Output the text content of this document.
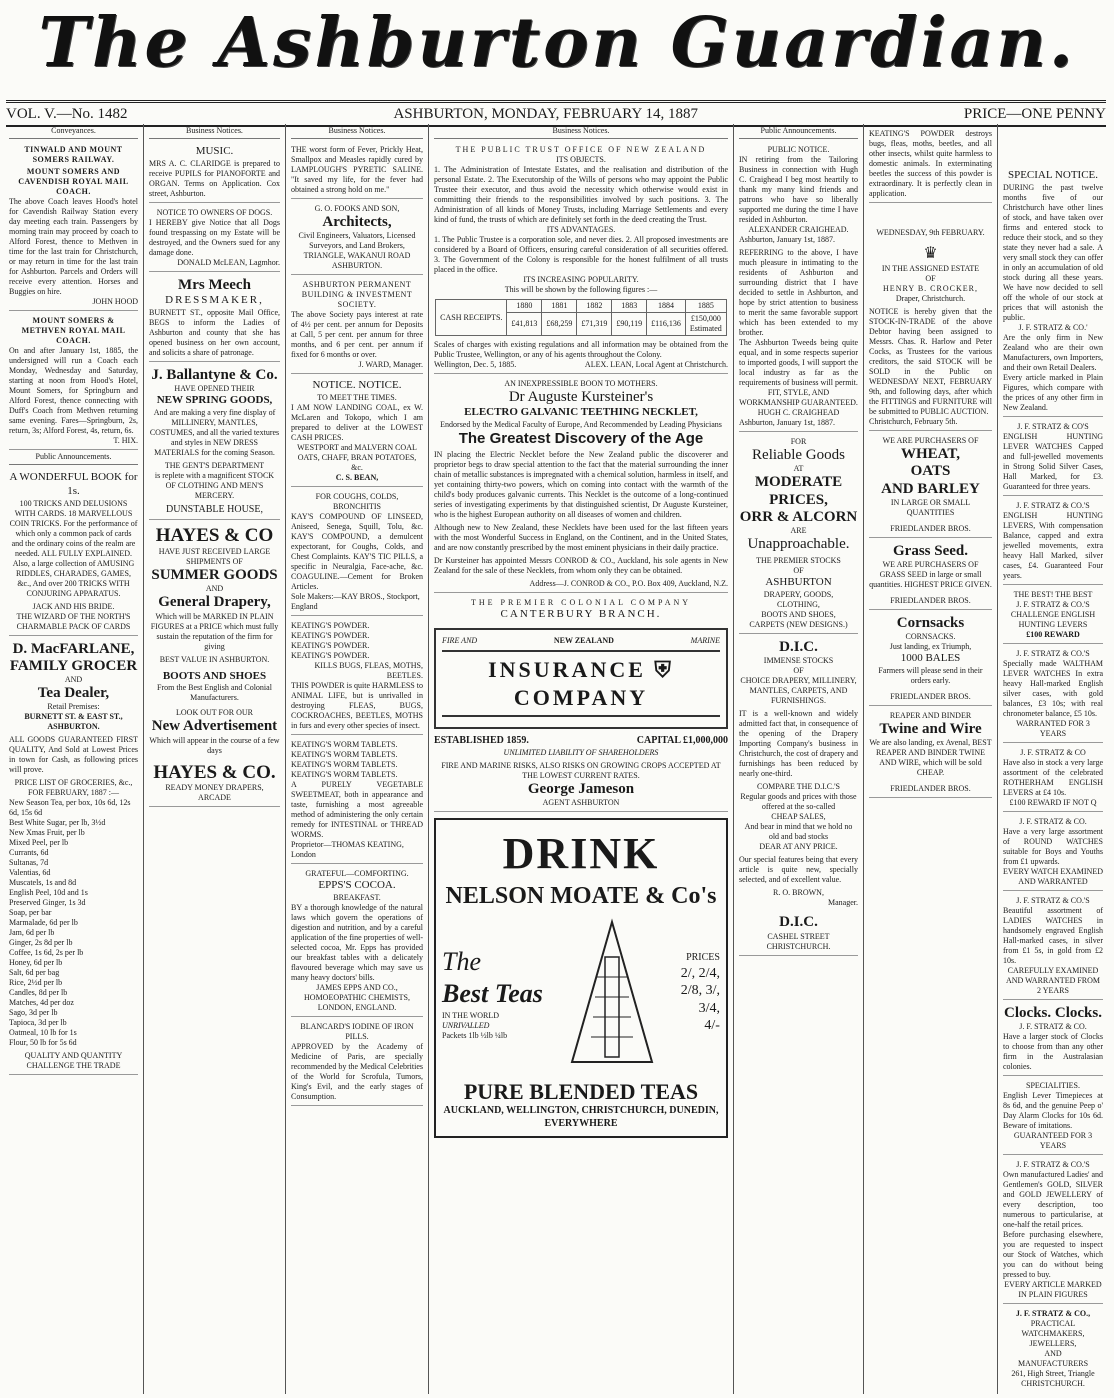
The Ashburton Guardian.
VOL. V.—No. 1482	ASHBURTON, MONDAY, FEBRUARY 14, 1887	PRICE—ONE PENNY
Conveyances.
TINWALD AND MOUNT SOMERS RAILWAY.
MOUNT SOMERS AND CAVENDISH ROYAL MAIL COACH.
The above Coach leaves Hood's hotel for Cavendish Railway Station every day meeting each train. Passengers by morning train may proceed by coach to Alford Forest, thence to Methven in time for the last train for Christchurch, or may return in time for the last train for Ashburton. Parcels and Orders will receive every attention. Horses and Buggies on hire.
JOHN HOOD
MOUNT SOMERS & METHVEN ROYAL MAIL COACH.
On and after January 1st, 1885, the undersigned will run a Coach each Monday, Wednesday and Saturday, starting at noon from Hood's Hotel, Mount Somers, for Springburn and Alford Forest, thence connecting with Duff's Coach from Methven returning same evening. Fares—Springburn, 2s, return, 3s; Alford Forest, 4s, return, 6s.
T. HIX.
Public Announcements.
A WONDERFUL BOOK for 1s.
100 TRICKS AND DELUSIONS WITH CARDS. 18 MARVELLOUS COIN TRICKS. For the performance of which only a common pack of cards and the ordinary coins of the realm are needed. ALL FULLY EXPLAINED. Also, a large collection of AMUSING RIDDLES, CHARADES, GAMES, &c., And over 200 TRICKS WITH CONJURING APPARATUS.
JACK AND HIS BRIDE.
THE WIZARD OF THE NORTH'S CHARMABLE PACK OF CARDS
D. MacFARLANE,
FAMILY GROCER
AND
Tea Dealer,
Retail Premises:
BURNETT ST. & EAST ST., ASHBURTON.
ALL GOODS GUARANTEED FIRST QUALITY, And Sold at Lowest Prices in town for Cash, as following prices will prove.
PRICE LIST OF GROCERIES, &c.,
FOR FEBRUARY, 1887 :—
New Season Tea, per box, 10s 6d, 12s 6d, 15s 6d
Best White Sugar, per lb, 3½d
New Xmas Fruit, per lb
Mixed Peel, per lb
Currants, 6d
Sultanas, 7d
Valentias, 6d
Muscatels, 1s and 8d
English Peel, 10d and 1s
Preserved Ginger, 1s 3d
Soap, per bar
Marmalade, 6d per lb
Jam, 6d per lb
Ginger, 2s 8d per lb
Coffee, 1s 6d, 2s per lb
Honey, 6d per lb
Salt, 6d per bag
Rice, 2½d per lb
Candles, 8d per lb
Matches, 4d per doz
Sago, 3d per lb
Tapioca, 3d per lb
Oatmeal, 10 lb for 1s
Flour, 50 lb for 5s 6d
QUALITY AND QUANTITY CHALLENGE THE TRADE
Business Notices.
MUSIC.
MRS A. C. CLARIDGE is prepared to receive PUPILS for PIANOFORTE and ORGAN. Terms on Application. Cox street, Ashburton.
NOTICE TO OWNERS OF DOGS.
I HEREBY give Notice that all Dogs found trespassing on my Estate will be destroyed, and the Owners sued for any damage done.
DONALD McLEAN, Lagmhor.
Mrs Meech
DRESSMAKER,
BURNETT ST., opposite Mail Office, BEGS to inform the Ladies of Ashburton and county that she has opened business on her own account, and solicits a share of patronage.
J. Ballantyne & Co.
HAVE OPENED THEIR
NEW SPRING GOODS,
And are making a very fine display of MILLINERY, MANTLES, COSTUMES, and all the varied textures and styles in NEW DRESS MATERIALS for the coming Season.
THE GENT'S DEPARTMENT
is replete with a magnificent STOCK OF CLOTHING AND MEN'S MERCERY.
DUNSTABLE HOUSE,
HAYES & CO
HAVE JUST RECEIVED LARGE SHIPMENTS OF
SUMMER GOODS
AND
General Drapery,
Which will be MARKED IN PLAIN FIGURES at a PRICE which must fully sustain the reputation of the firm for giving
BEST VALUE IN ASHBURTON.
BOOTS AND SHOES
From the Best English and Colonial Manufacturers.
LOOK OUT FOR OUR
New Advertisement
Which will appear in the course of a few days
HAYES & CO.
READY MONEY DRAPERS,
ARCADE
Business Notices.
THE worst form of Fever, Prickly Heat, Smallpox and Measles rapidly cured by LAMPLOUGH'S PYRETIC SALINE. "It saved my life, for the fever had obtained a strong hold on me."
G. O. FOOKS AND SON,
Architects,
Civil Engineers, Valuators, Licensed Surveyors, and Land Brokers, TRIANGLE, WAKANUI ROAD ASHBURTON.
ASHBURTON PERMANENT BUILDING & INVESTMENT SOCIETY.
The above Society pays interest at rate of 4½ per cent. per annum for Deposits at Call, 5 per cent. per annum for three months, and 6 per cent. per annum if fixed for 6 months or over.
J. WARD, Manager.
NOTICE. NOTICE.
TO MEET THE TIMES.
I AM NOW LANDING COAL, ex W. McLaren and Tokopo, which I am prepared to deliver at the LOWEST CASH PRICES.
WESTPORT and MALVERN COAL OATS, CHAFF, BRAN POTATOES, &c.
C. S. BEAN,
FOR COUGHS, COLDS, BRONCHITIS
KAY'S COMPOUND OF LINSEED, Aniseed, Senega, Squill, Tolu, &c. KAY'S COMPOUND, a demulcent expectorant, for Coughs, Colds, and Chest Complaints. KAY'S TIC PILLS, a specific in Neuralgia, Face-ache, &c. COAGULINE.—Cement for Broken Articles.
Sole Makers:—KAY BROS., Stockport, England
KEATING'S POWDER.
KEATING'S POWDER.
KEATING'S POWDER.
KEATING'S POWDER.
KILLS BUGS, FLEAS, MOTHS, BEETLES.
THIS POWDER is quite HARMLESS to ANIMAL LIFE, but is unrivalled in destroying FLEAS, BUGS, COCKROACHES, BEETLES, MOTHS in furs and every other species of insect.
KEATING'S WORM TABLETS.
KEATING'S WORM TABLETS.
KEATING'S WORM TABLETS.
KEATING'S WORM TABLETS.
A PURELY VEGETABLE SWEETMEAT, both in appearance and taste, furnishing a most agreeable method of administering the only certain remedy for INTESTINAL or THREAD WORMS.
Proprietor—THOMAS KEATING, London
GRATEFUL—COMFORTING.
EPPS'S COCOA.
BREAKFAST.
BY a thorough knowledge of the natural laws which govern the operations of digestion and nutrition, and by a careful application of the fine properties of well-selected cocoa, Mr. Epps has provided our breakfast tables with a delicately flavoured beverage which may save us many heavy doctors' bills.
JAMES EPPS AND CO., HOMOEOPATHIC CHEMISTS, LONDON, ENGLAND.
BLANCARD'S IODINE OF IRON PILLS.
APPROVED by the Academy of Medicine of Paris, are specially recommended by the Medical Celebrities of the World for Scrofula, Tumors, King's Evil, and the early stages of Consumption.
Business Notices.
THE PUBLIC TRUST OFFICE OF NEW ZEALAND
ITS OBJECTS.
1. The Administration of Intestate Estates, and the realisation and distribution of the personal Estate. 2. The Executorship of the Wills of persons who may appoint the Public Trustee their executor, and thus avoid the necessity which otherwise would exist in committing their friends to the responsibilities involved by such positions. 3. The Administration of all kinds of Money Trusts, including Marriage Settlements and every kind of fund, the trusts of which are definitely set forth in the deed creating the Trust.
ITS ADVANTAGES.
1. The Public Trustee is a corporation sole, and never dies. 2. All proposed investments are considered by a Board of Officers, ensuring careful consideration of all securities offered. 3. The Government of the Colony is responsible for the honest fulfilment of all trusts placed in the office.
ITS INCREASING POPULARITY.
This will be shown by the following figures :—
CASH RECEIPTS.	1880	1881	1882	1883	1884	1885
	£41,813	£68,259	£71,319	£90,119	£116,136	£150,000
Estimated
Scales of charges with existing regulations and all information may be obtained from the Public Trustee, Wellington, or any of his agents throughout the Colony.
Wellington, Dec. 5, 1885.	ALEX. LEAN, Local Agent at Christchurch.
AN INEXPRESSIBLE BOON TO MOTHERS.
Dr Auguste Kursteiner's
ELECTRO GALVANIC TEETHING NECKLET,
Endorsed by the Medical Faculty of Europe, And Recommended by Leading Physicians
The Greatest Discovery of the Age
IN placing the Electric Necklet before the New Zealand public the discoverer and proprietor begs to draw special attention to the fact that the material surrounding the inner chain of metallic substances is impregnated with a chemical solution, harmless in itself, and yet containing thirty-two powers, which on coming into contact with the warmth of the child's body produces galvanic currents. This Necklet is the outcome of a long-continued series of investigating experiments by that distinguished scientist, Dr Auguste Kursteiner, who is the highest European authority on all diseases of women and children.
Although new to New Zealand, these Necklets have been used for the last fifteen years with the most Wonderful Success in England, on the Continent, and in the United States, and are now constantly prescribed by the most eminent physicians in their daily practice.
Dr Kursteiner has appointed Messrs CONROD & CO., Auckland, his sole agents in New Zealand for the sale of these Necklets, from whom only they can be obtained.
Address—J. CONROD & CO., P.O. Box 409, Auckland, N.Z.
THE PREMIER COLONIAL COMPANY
CANTERBURY BRANCH.
FIRE AND	NEW ZEALAND	MARINE
INSURANCE ⛨ COMPANY
ESTABLISHED 1859.	CAPITAL £1,000,000
UNLIMITED LIABILITY OF SHAREHOLDERS
FIRE AND MARINE RISKS, ALSO RISKS ON GROWING CROPS ACCEPTED AT THE LOWEST CURRENT RATES.
George Jameson
AGENT ASHBURTON
DRINK
NELSON MOATE & Co's
The
Best Teas
IN THE WORLD
UNRIVALLED
Packets 1lb ½lb ¼lb
PRICES
2/, 2/4,
2/8, 3/,
3/4,
4/-
PURE BLENDED TEAS
AUCKLAND, WELLINGTON, CHRISTCHURCH, DUNEDIN,
EVERYWHERE
Public Announcements.
PUBLIC NOTICE.
IN retiring from the Tailoring Business in connection with Hugh C. Craighead I beg most heartily to thank my many kind friends and patrons who have so liberally supported me during the time I have resided in Ashburton.
ALEXANDER CRAIGHEAD.
Ashburton, January 1st, 1887.
REFERRING to the above, I have much pleasure in intimating to the residents of Ashburton and surrounding district that I have decided to settle in Ashburton, and hope by strict attention to business to merit the same favorable support which has been extended to my brother.
The Ashburton Tweeds being quite equal, and in some respects superior to imported goods, I will support the local industry as far as the requirements of business will permit.
FIT, STYLE, AND WORKMANSHIP GUARANTEED.
HUGH C. CRAIGHEAD
Ashburton, January 1st, 1887.
FOR
Reliable Goods
AT
MODERATE PRICES,
ORR & ALCORN
ARE
Unapproachable.
THE PREMIER STOCKS
OF
ASHBURTON
DRAPERY, GOODS,
CLOTHING,
BOOTS AND SHOES,
CARPETS (NEW DESIGNS.)
D.I.C.
IMMENSE STOCKS
OF
CHOICE DRAPERY, MILLINERY, MANTLES, CARPETS, AND FURNISHINGS.
IT is a well-known and widely admitted fact that, in consequence of the opening of the Drapery Importing Company's business in Christchurch, the cost of drapery and furnishings has been reduced by nearly one-third.
COMPARE THE D.I.C.'S
Regular goods and prices with those offered at the so-called
CHEAP SALES,
And bear in mind that we hold no old and bad stocks
DEAR AT ANY PRICE.
Our special features being that every article is quite new, specially selected, and of excellent value.
R. O. BROWN,
Manager.
D.I.C.
CASHEL STREET
CHRISTCHURCH.
KEATING'S POWDER destroys bugs, fleas, moths, beetles, and all other insects, whilst quite harmless to domestic animals. In exterminating beetles the success of this powder is extraordinary. It is perfectly clean in application.
WEDNESDAY, 9th FEBRUARY.
♛
IN THE ASSIGNED ESTATE
OF
HENRY B. CROCKER,
Draper, Christchurch.
NOTICE is hereby given that the STOCK-IN-TRADE of the above Debtor having been assigned to Messrs. Chas. R. Harlow and Peter Cocks, as Trustees for the various creditors, the said STOCK will be SOLD in the Public on WEDNESDAY NEXT, FEBRUARY 9th, and following days, after which the FITTINGS and FURNITURE will be submitted to PUBLIC AUCTION.
Christchurch, February 5th.
WE ARE PURCHASERS OF
WHEAT,
OATS
AND BARLEY
IN LARGE OR SMALL QUANTITIES
FRIEDLANDER BROS.
Grass Seed.
WE ARE PURCHASERS OF GRASS SEED in large or small quantities. HIGHEST PRICE GIVEN.
FRIEDLANDER BROS.
Cornsacks
CORNSACKS.
Just landing, ex Triumph,
1000 BALES
Farmers will please send in their orders early.
FRIEDLANDER BROS.
REAPER AND BINDER
Twine and Wire
We are also landing, ex Avenal, BEST REAPER AND BINDER TWINE AND WIRE, which will be sold CHEAP.
FRIEDLANDER BROS.
SPECIAL NOTICE.
DURING the past twelve months five of our Christchurch have other lines of stock, and have taken over firms and entered stock to reduce their stock, and so they state they never had a sale. A very small stock they can offer in only an accumulation of old stock during all these years. We have now decided to sell off the whole of our stock at prices that will astonish the public.
J. F. STRATZ & CO.'
Are the only firm in New Zealand who are their own Manufacturers, own Importers, and their own Retail Dealers.
Every article marked in Plain Figures, which compare with the prices of any other firm in New Zealand.
J. F. STRATZ & CO'S
ENGLISH HUNTING LEVER WATCHES Capped and full-jewelled movements in Strong Solid Silver Cases, Hall Marked, for £3. Guaranteed for three years.
J. F. STRATZ & CO.'S
ENGLISH HUNTING LEVERS, With compensation Balance, capped and extra jewelled movements, extra heavy Hall Marked, silver cases, £4. Guaranteed Four years.
THE BEST! THE BEST
J. F. STRATZ & CO.'S
CHALLENGE ENGLISH HUNTING LEVERS
£100 REWARD
J. F. STRATZ & CO.'S
Specially made WALTHAM LEVER WATCHES In extra heavy Hall-marked English silver cases, with gold balances, £3 10s; with real chronometer balance, £5 10s.
WARRANTED FOR 3 YEARS
J. F. STRATZ & CO
Have also in stock a very large assortment of the celebrated ROTHERHAM ENGLISH LEVERS at £4 10s.
£100 REWARD IF NOT Q
J. F. STRATZ & CO.
Have a very large assortment of ROUND WATCHES suitable for Boys and Youths from £1 upwards.
EVERY WATCH EXAMINED AND WARRANTED
J. F. STRATZ & CO.'S
Beautiful assortment of LADIES WATCHES in handsomely engraved English Hall-marked cases, in silver from £1 5s, in gold from £2 10s.
CAREFULLY EXAMINED AND WARRANTED FROM 2 YEARS
Clocks. Clocks.
J. F. STRATZ & CO.
Have a larger stock of Clocks to choose from than any other firm in the Australasian colonies.
SPECIALITIES.
English Lever Timepieces at 8s 6d, and the genuine Peep o' Day Alarm Clocks for 10s 6d. Beware of imitations.
GUARANTEED FOR 3 YEARS
J. F. STRATZ & CO.'S
Own manufactured Ladies' and Gentlemen's GOLD, SILVER and GOLD JEWELLERY of every description, too numerous to particularise, at one-half the retail prices.
Before purchasing elsewhere, you are requested to inspect our Stock of Watches, which you can do without being pressed to buy.
EVERY ARTICLE MARKED IN PLAIN FIGURES
J. F. STRATZ & CO.,
PRACTICAL WATCHMAKERS, JEWELLERS,
AND
MANUFACTURERS
261, High Street, Triangle
CHRISTCHURCH.
